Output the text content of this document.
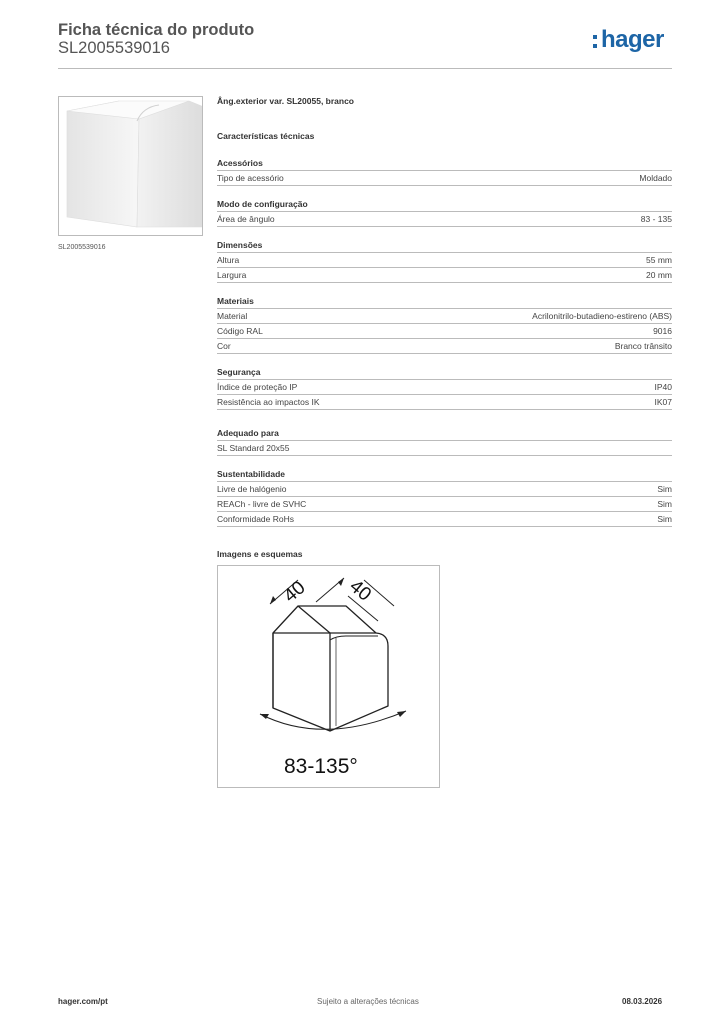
Ficha técnica do produto
SL2005539016	hager
SL2005539016
Âng.exterior var. SL20055, branco
Características técnicas
Acessórios
Tipo de acessório	Moldado
Modo de configuração
Área de ângulo	83 - 135
Dimensões
Altura	55 mm
Largura	20 mm
Materiais
Material	Acrilonitrilo-butadieno-estireno (ABS)
Código RAL	9016
Cor	Branco trânsito
Segurança
Índice de proteção IP	IP40
Resistência ao impactos IK	IK07
Adequado para
SL Standard 20x55
Sustentabilidade
Livre de halógenio	Sim
REACh - livre de SVHC	Sim
Conformidade RoHs	Sim
Imagens e esquemas
40 40
83-135°
hager.com/pt	Sujeito a alterações técnicas	08.03.2026
